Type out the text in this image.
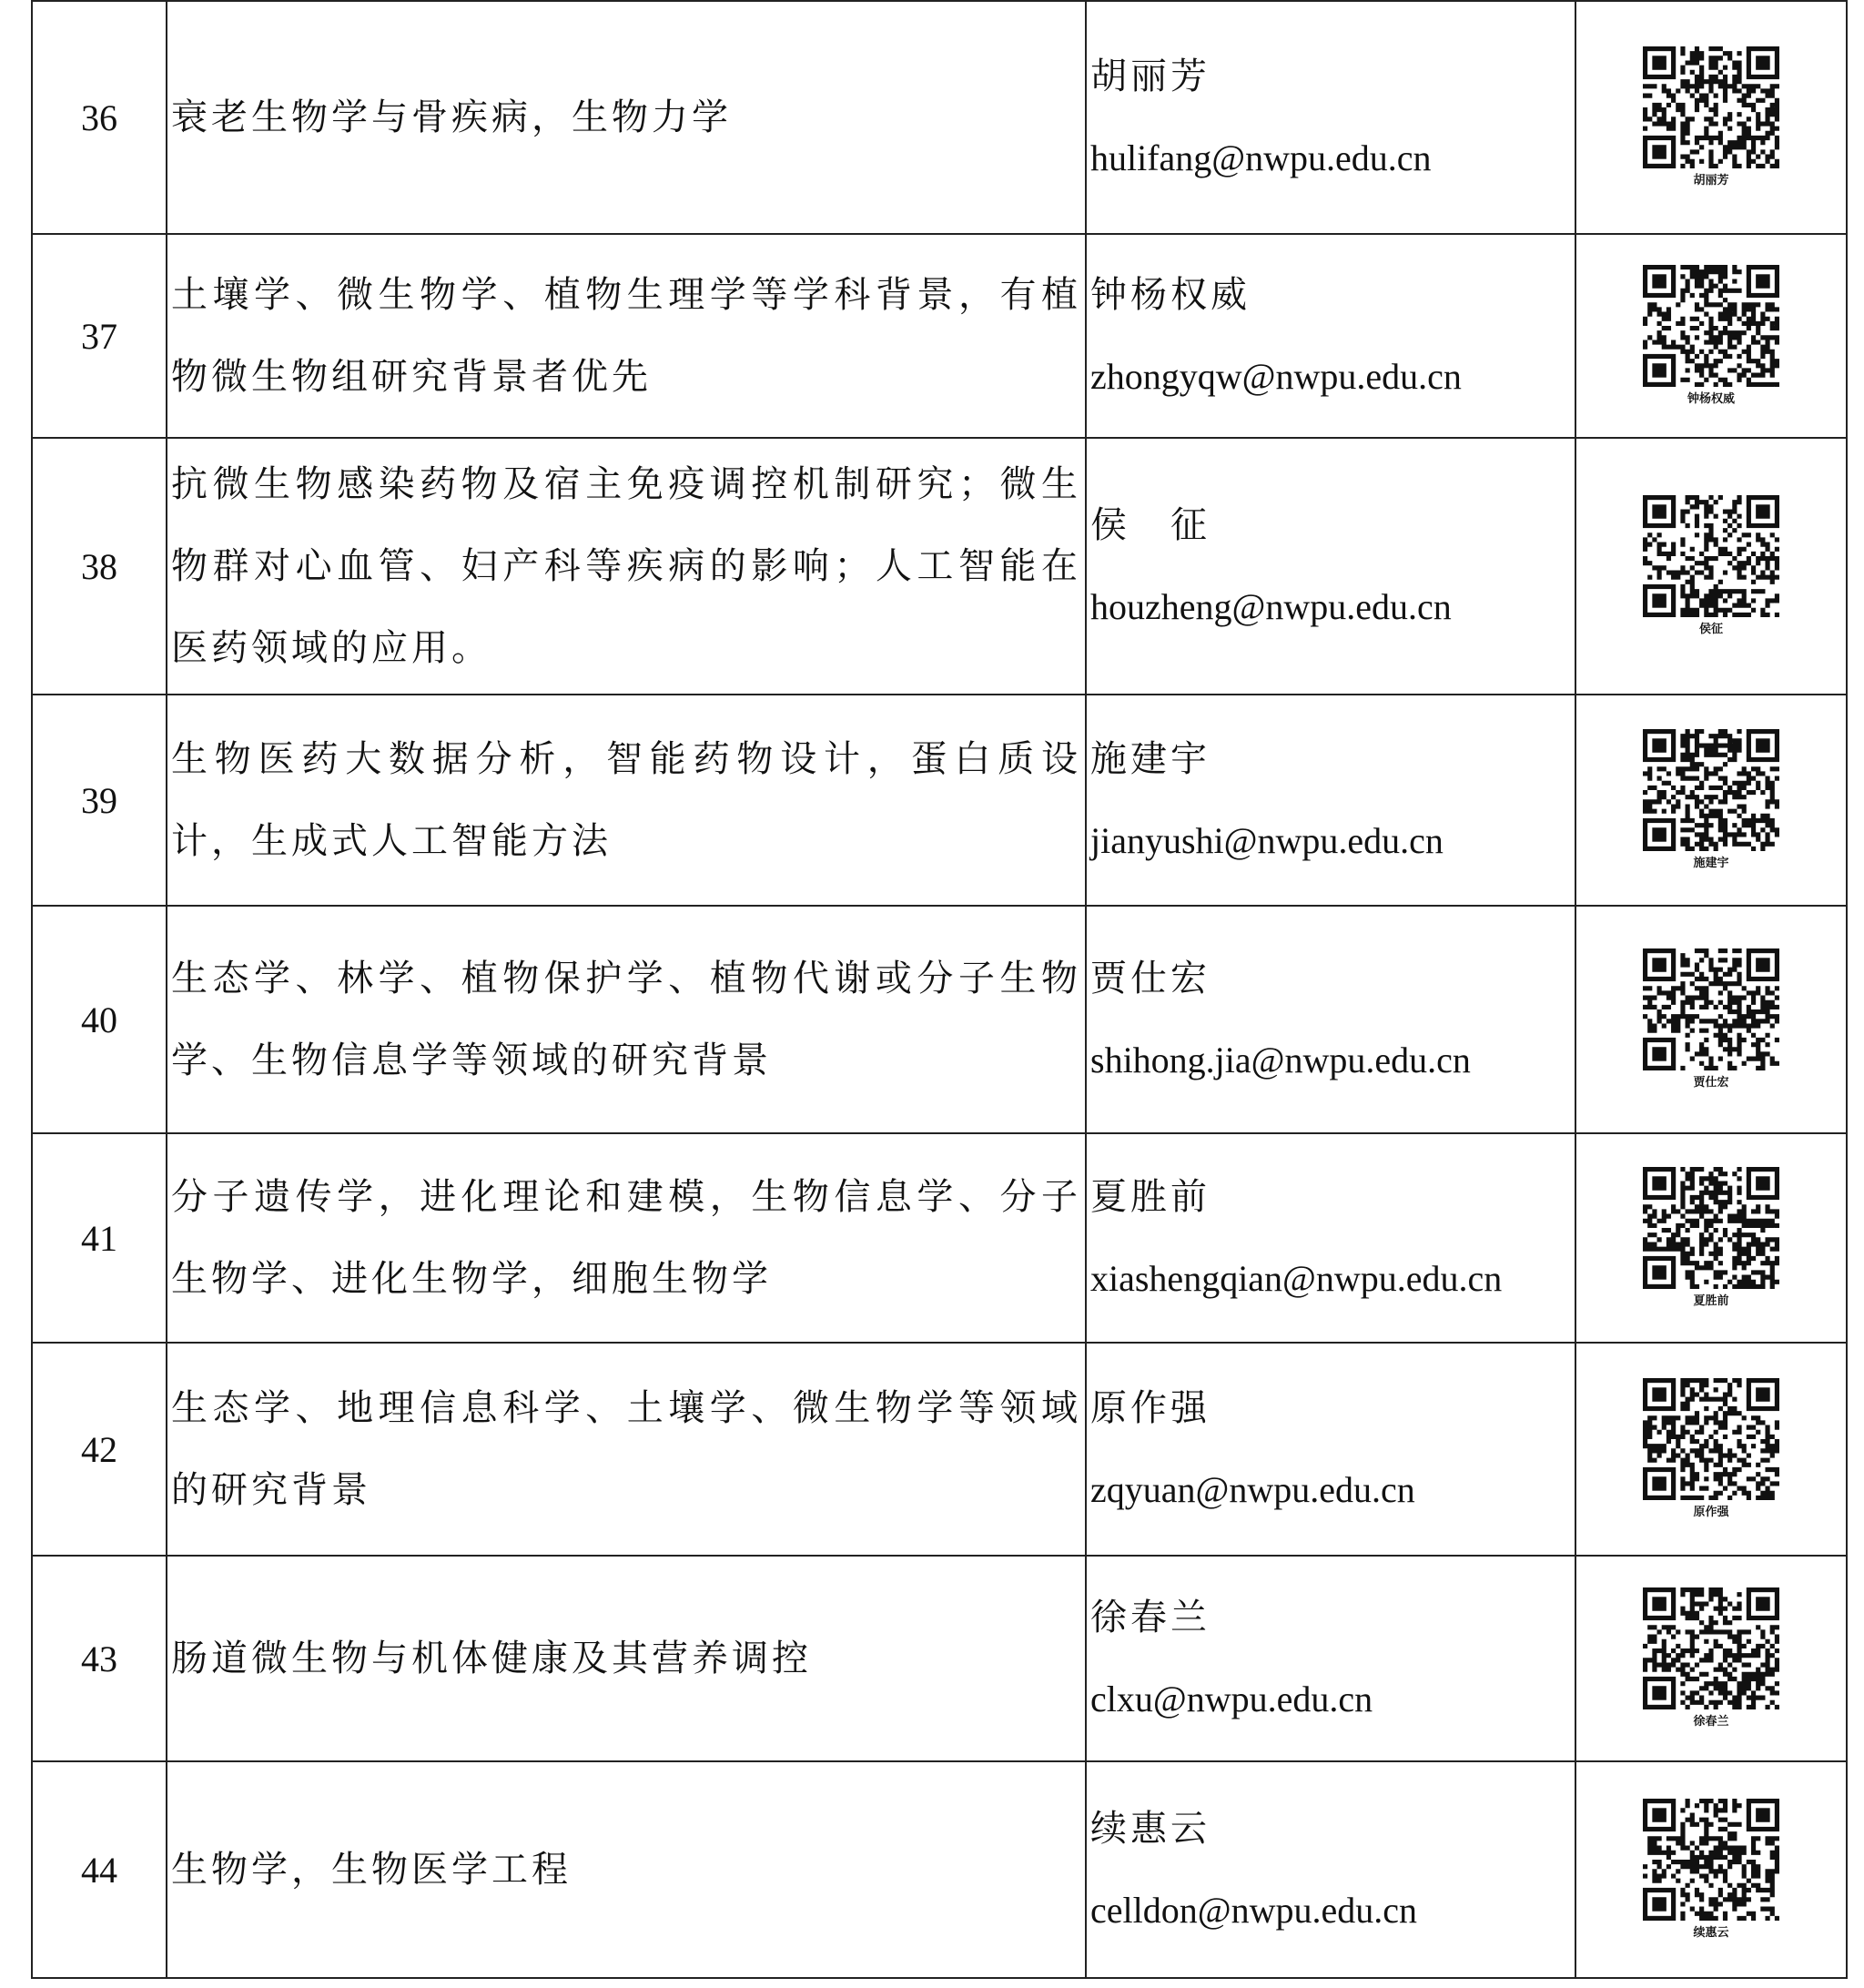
36	衰老生物学与骨疾病，生物力学	胡丽芳
hulifang@nwpu.edu.cn	胡丽芳

37	土壤学、微生物学、植物生理学等学科背景，有植物微生物组研究背景者优先	钟杨权威
zhongyqw@nwpu.edu.cn	钟杨权威

38	抗微生物感染药物及宿主免疫调控机制研究；微生物群对心血管、妇产科等疾病的影响；人工智能在医药领域的应用。	侯　征
houzheng@nwpu.edu.cn	侯征

39	生物医药大数据分析，智能药物设计，蛋白质设计，生成式人工智能方法	施建宇
jianyushi@nwpu.edu.cn	施建宇

40	生态学、林学、植物保护学、植物代谢或分子生物学、生物信息学等领域的研究背景	贾仕宏
shihong.jia@nwpu.edu.cn	贾仕宏

41	分子遗传学，进化理论和建模，生物信息学、分子生物学、进化生物学，细胞生物学	夏胜前
xiashengqian@nwpu.edu.cn	夏胜前

42	生态学、地理信息科学、土壤学、微生物学等领域的研究背景	原作强
zqyuan@nwpu.edu.cn	原作强

43	肠道微生物与机体健康及其营养调控	徐春兰
clxu@nwpu.edu.cn	徐春兰

44	生物学，生物医学工程	续惠云
celldon@nwpu.edu.cn	续惠云
